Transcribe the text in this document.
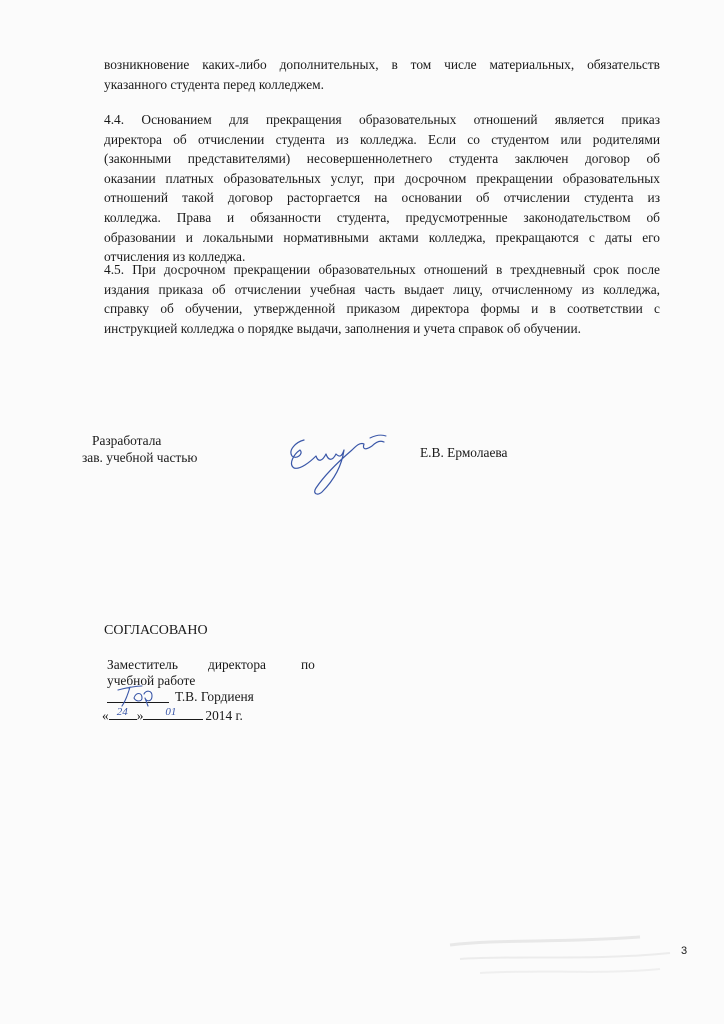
возникновение каких-либо дополнительных, в том числе материальных, обязательств
указанного студента перед колледжем.
4.4. Основанием для прекращения образовательных отношений является приказ
директора об отчислении студента из колледжа. Если со студентом или родителями
(законными представителями) несовершеннолетнего студента заключен договор об
оказании платных образовательных услуг, при досрочном прекращении образовательных
отношений такой договор расторгается на основании об отчислении студента из
колледжа. Права и обязанности студента, предусмотренные законодательством об
образовании и локальными нормативными актами колледжа, прекращаются с даты его
отчисления из колледжа.
4.5. При досрочном прекращении образовательных отношений в трехдневный срок после
издания приказа об отчислении учебная часть выдает лицу, отчисленному из колледжа,
справку об обучении, утвержденной приказом директора формы и в соответствии с
инструкцией колледжа о порядке выдачи, заполнения и учета справок об обучении.
Разработала
зав. учебной частью	Е.В. Ермолаева
СОГЛАСОВАНО
Заместитель директора	по
учебной работе
Т.В. Гордиеня
« 24 » 01 2014 г.
3
